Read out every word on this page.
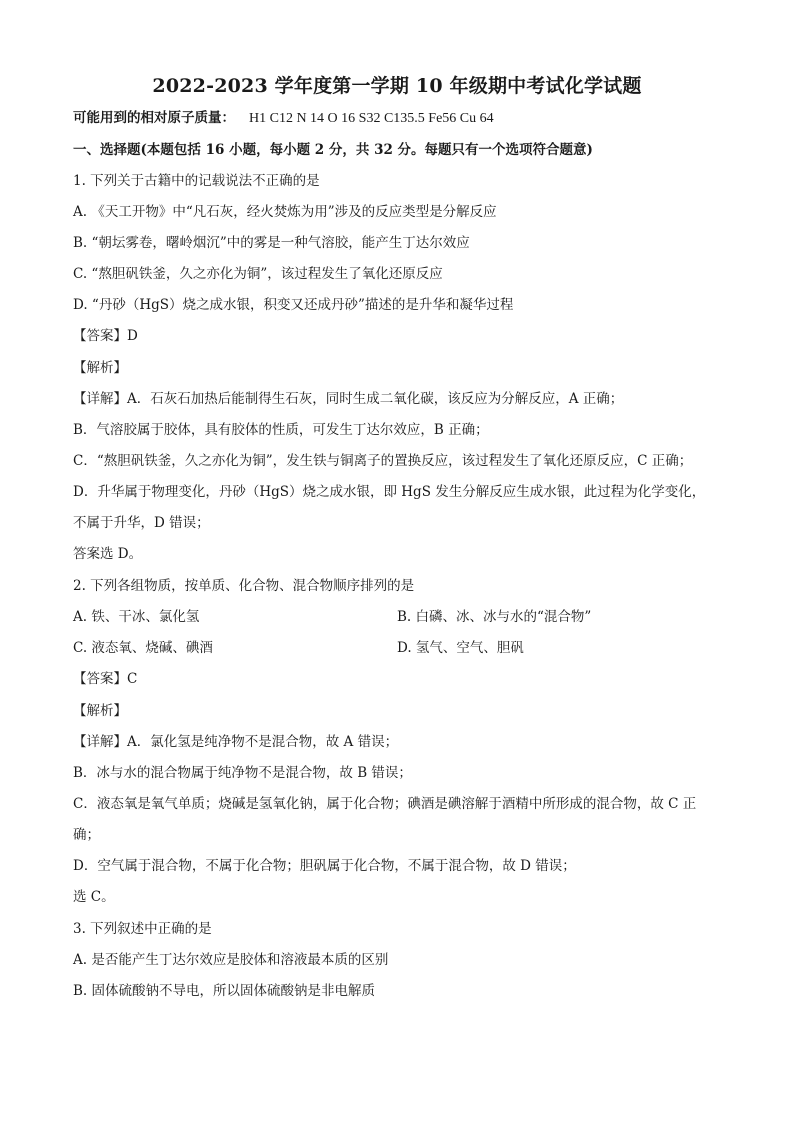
2022-2023 学年度第一学期 10 年级期中考试化学试题
可能用到的相对原子质量： H1 C12 N 14 O 16 S32 C135.5 Fe56 Cu 64
一、选择题(本题包括 16 小题，每小题 2 分，共 32 分。每题只有一个选项符合题意)
1. 下列关于古籍中的记载说法不正确的是
A. 《天工开物》中“凡石灰，经火焚炼为用”涉及的反应类型是分解反应
B. “朝坛雾卷，曙岭烟沉”中的雾是一种气溶胶，能产生丁达尔效应
C. “熬胆矾铁釜，久之亦化为铜”，该过程发生了氧化还原反应
D. “丹砂（HgS）烧之成水银，积变又还成丹砂”描述的是升华和凝华过程
【答案】D
【解析】
【详解】A．石灰石加热后能制得生石灰，同时生成二氧化碳，该反应为分解反应，A 正确；
B．气溶胶属于胶体，具有胶体的性质，可发生丁达尔效应，B 正确；
C．“熬胆矾铁釜，久之亦化为铜”，发生铁与铜离子的置换反应，该过程发生了氧化还原反应，C 正确；
D．升华属于物理变化，丹砂（HgS）烧之成水银，即 HgS 发生分解反应生成水银，此过程为化学变化，
不属于升华，D 错误；
答案选 D。
2. 下列各组物质，按单质、化合物、混合物顺序排列的是
A. 铁、干冰、氯化氢	B. 白磷、冰、冰与水的“混合物”
C. 液态氧、烧碱、碘酒	D. 氢气、空气、胆矾
【答案】C
【解析】
【详解】A．氯化氢是纯净物不是混合物，故 A 错误；
B．冰与水的混合物属于纯净物不是混合物，故 B 错误；
C．液态氧是氧气单质；烧碱是氢氧化钠，属于化合物；碘酒是碘溶解于酒精中所形成的混合物，故 C 正
确；
D．空气属于混合物，不属于化合物；胆矾属于化合物，不属于混合物，故 D 错误；
选 C。
3. 下列叙述中正确的是
A. 是否能产生丁达尔效应是胶体和溶液最本质的区别
B. 固体硫酸钠不导电，所以固体硫酸钠是非电解质
